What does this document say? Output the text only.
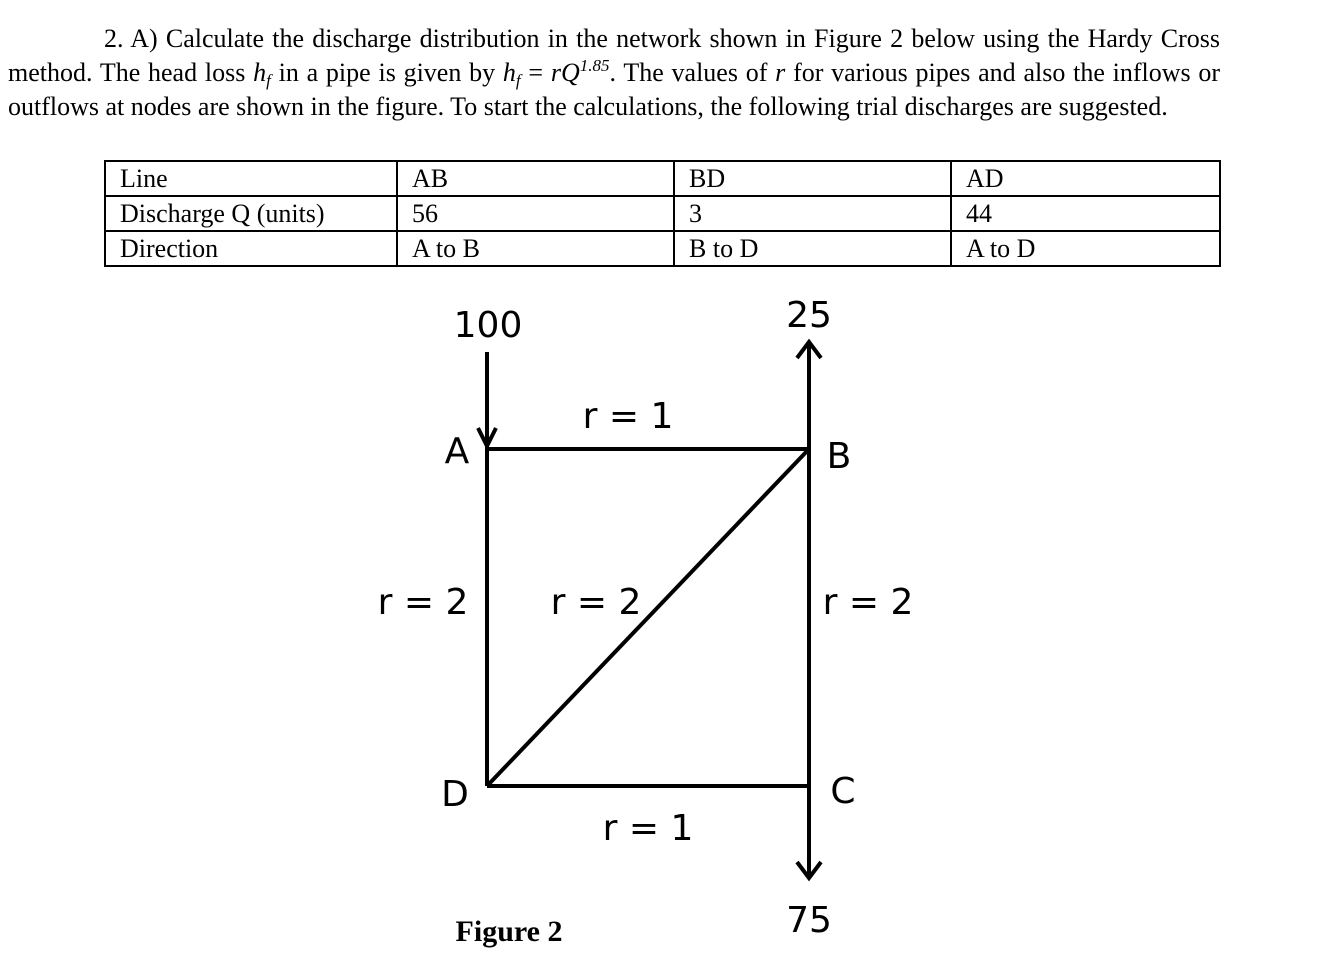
2. A) Calculate the discharge distribution in the network shown in Figure 2 below using the Hardy Cross method. The head loss $h_f$ in a pipe is given by $h_f = rQ^{1.85}$. The values of r for various pipes and also the inflows or outflows at nodes are shown in the figure. To start the calculations, the following trial discharges are suggested.

Line	AB	BD	AD
Discharge Q (units)	56	3	44
Direction	A to B	B to D	A to D
100	25
75
A	B
C
D
r = 1
r = 2 r = 2	r = 2
r = 1
Figure 2
